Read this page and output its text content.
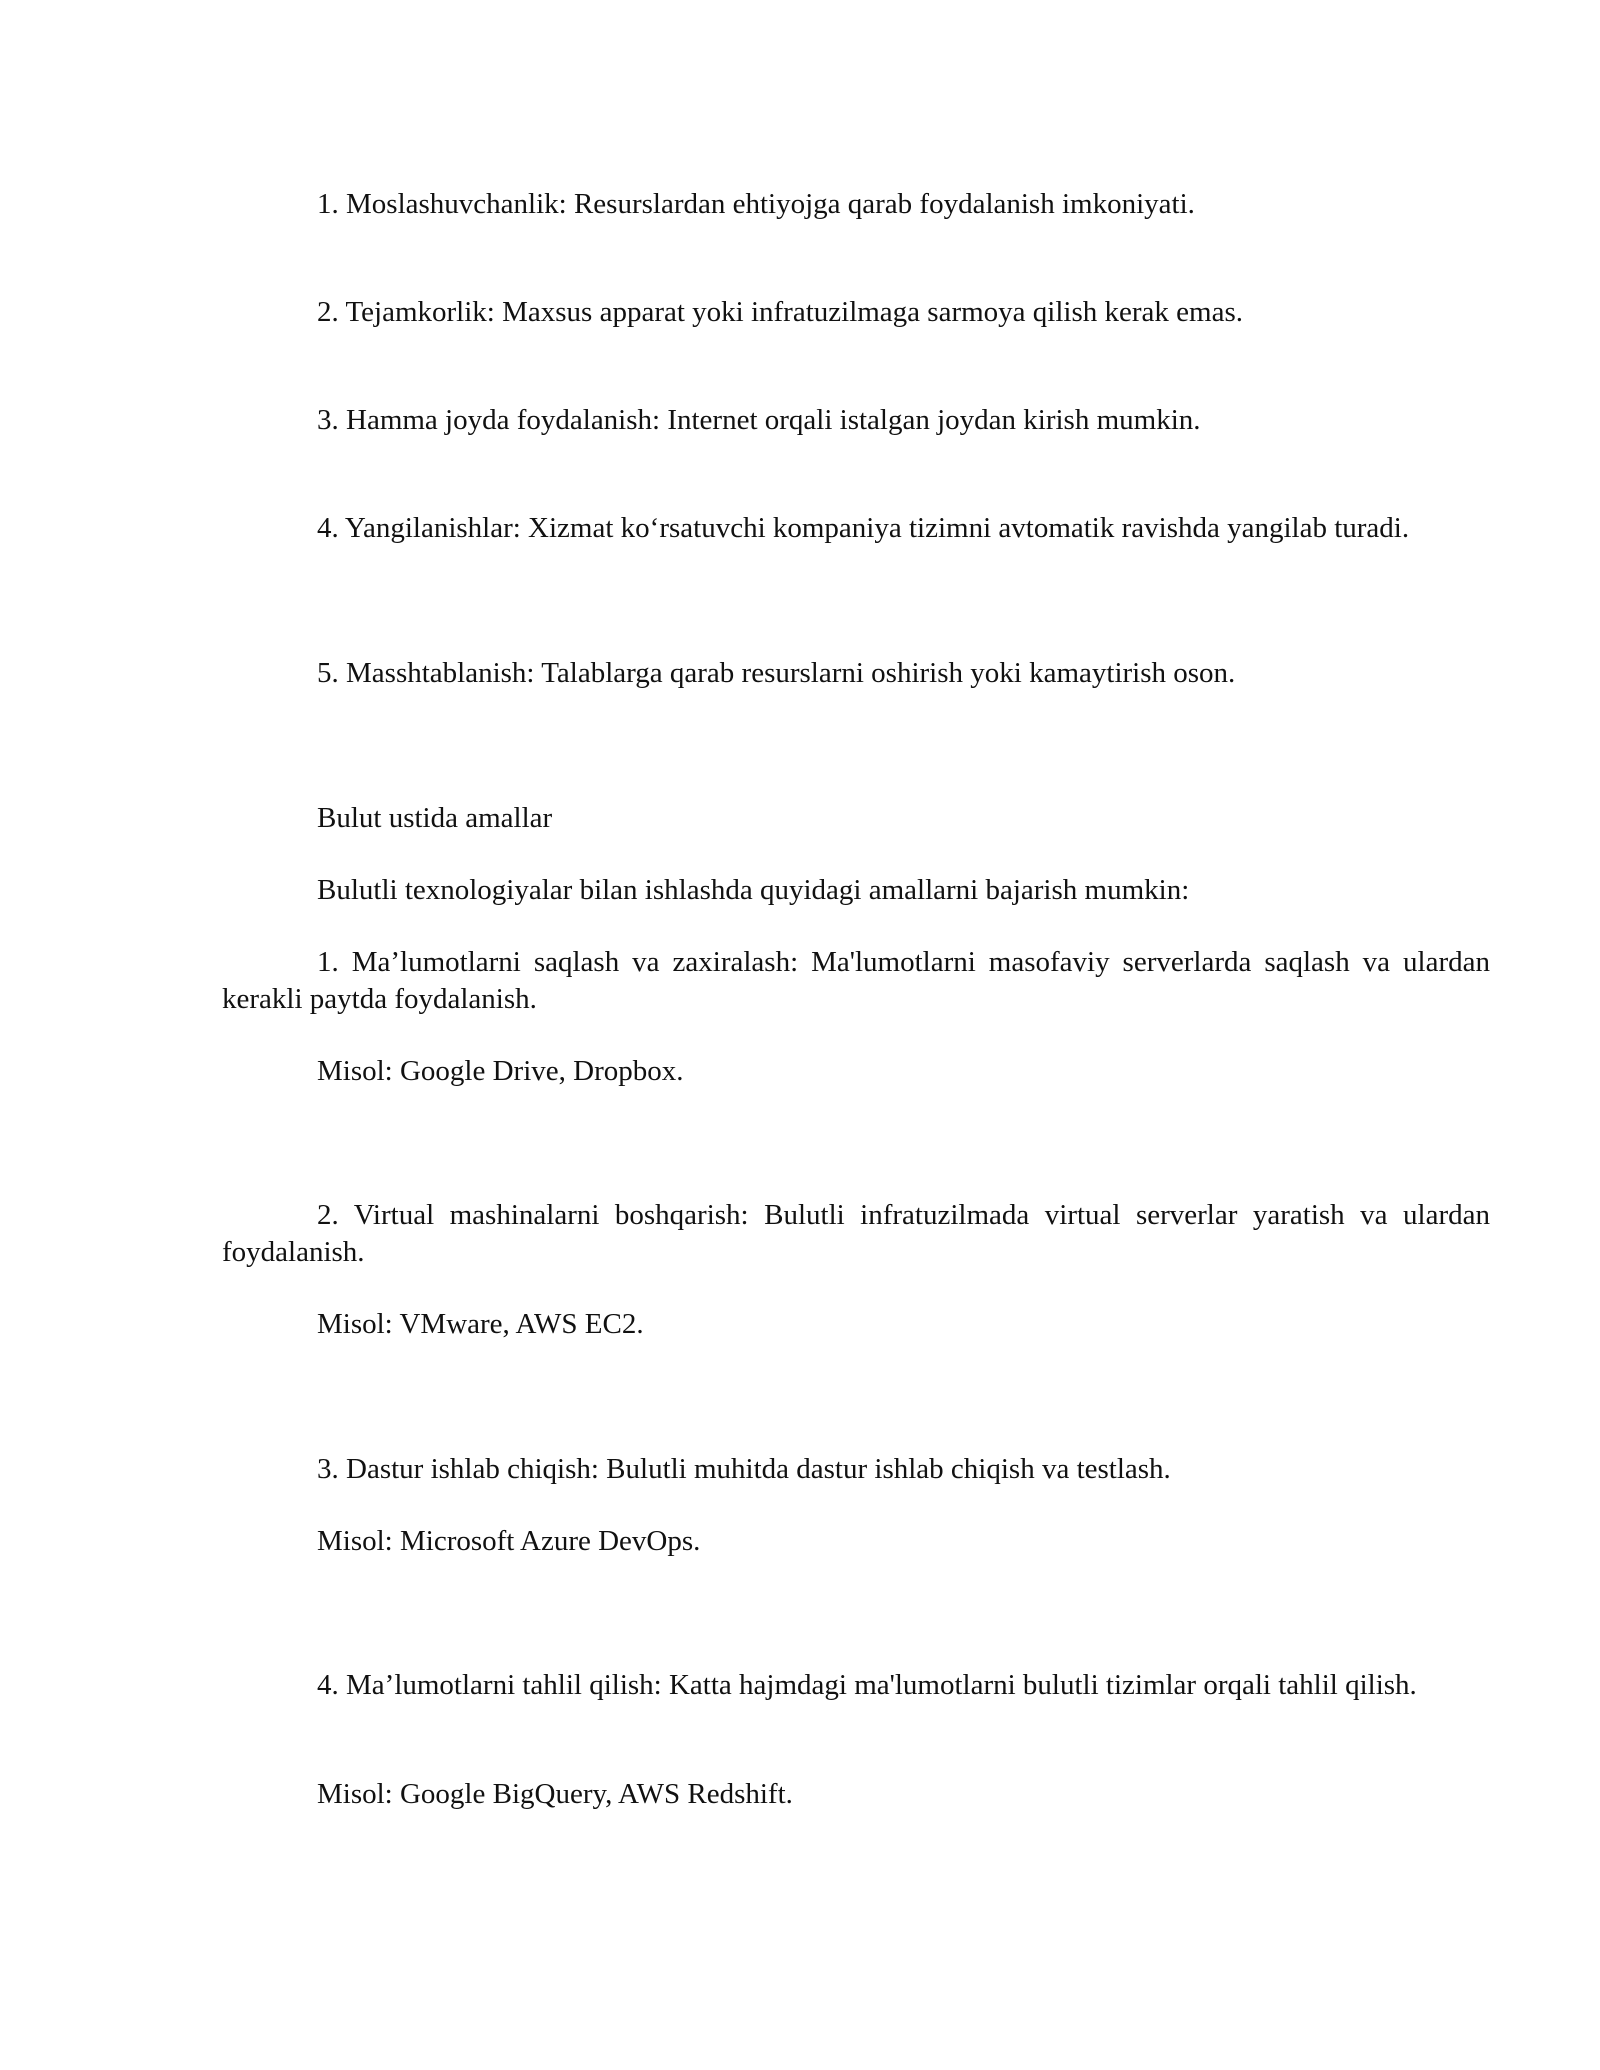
1. Moslashuvchanlik: Resurslardan ehtiyojga qarab foydalanish imkoniyati.

2. Tejamkorlik: Maxsus apparat yoki infratuzilmaga sarmoya qilish kerak emas.

3. Hamma joyda foydalanish: Internet orqali istalgan joydan kirish mumkin.

4. Yangilanishlar: Xizmat ko‘rsatuvchi kompaniya tizimni avtomatik ravishda yangilab turadi.

5. Masshtablanish: Talablarga qarab resurslarni oshirish yoki kamaytirish oson.

Bulut ustida amallar

Bulutli texnologiyalar bilan ishlashda quyidagi amallarni bajarish mumkin:

1. Ma’lumotlarni saqlash va zaxiralash: Ma'lumotlarni masofaviy serverlarda saqlash va ulardan kerakli paytda foydalanish.

Misol: Google Drive, Dropbox.

2. Virtual mashinalarni boshqarish: Bulutli infratuzilmada virtual serverlar yaratish va ulardan foydalanish.

Misol: VMware, AWS EC2.

3. Dastur ishlab chiqish: Bulutli muhitda dastur ishlab chiqish va testlash.

Misol: Microsoft Azure DevOps.

4. Ma’lumotlarni tahlil qilish: Katta hajmdagi ma'lumotlarni bulutli tizimlar orqali tahlil qilish.

Misol: Google BigQuery, AWS Redshift.
